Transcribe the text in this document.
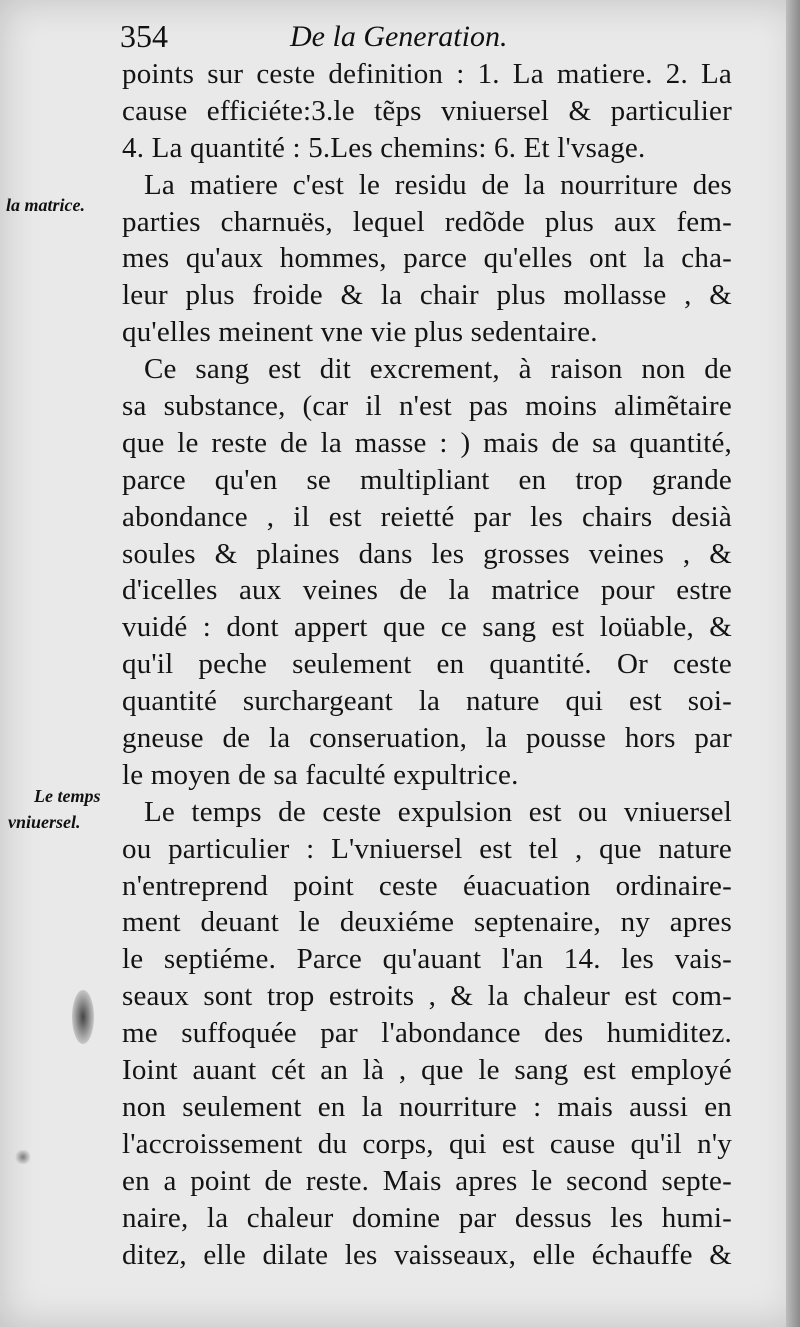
354	De la Generation.
la matrice.
Le temps
vniuersel.
points sur ceste definition : 1. La matiere. 2. La
cause efficiéte:3.le tẽps vniuersel & particulier
4. La quantité : 5.Les chemins: 6. Et l'vsage.
La matiere c'est le residu de la nourriture des
parties charnuës, lequel redõde plus aux fem-
mes qu'aux hommes, parce qu'elles ont la cha-
leur plus froide & la chair plus mollasse , &
qu'elles meinent vne vie plus sedentaire.
Ce sang est dit excrement, à raison non de
sa substance, (car il n'est pas moins alimẽtaire
que le reste de la masse : ) mais de sa quantité,
parce qu'en se multipliant en trop grande
abondance , il est reietté par les chairs desià
soules & plaines dans les grosses veines , &
d'icelles aux veines de la matrice pour estre
vuidé : dont appert que ce sang est loüable, &
qu'il peche seulement en quantité. Or ceste
quantité surchargeant la nature qui est soi-
gneuse de la conseruation, la pousse hors par
le moyen de sa faculté expultrice.
Le temps de ceste expulsion est ou vniuersel
ou particulier : L'vniuersel est tel , que nature
n'entreprend point ceste éuacuation ordinaire-
ment deuant le deuxiéme septenaire, ny apres
le septiéme. Parce qu'auant l'an 14. les vais-
seaux sont trop estroits , & la chaleur est com-
me suffoquée par l'abondance des humiditez.
Ioint auant cét an là , que le sang est employé
non seulement en la nourriture : mais aussi en
l'accroissement du corps, qui est cause qu'il n'y
en a point de reste. Mais apres le second septe-
naire, la chaleur domine par dessus les humi-
ditez, elle dilate les vaisseaux, elle échauffe &
